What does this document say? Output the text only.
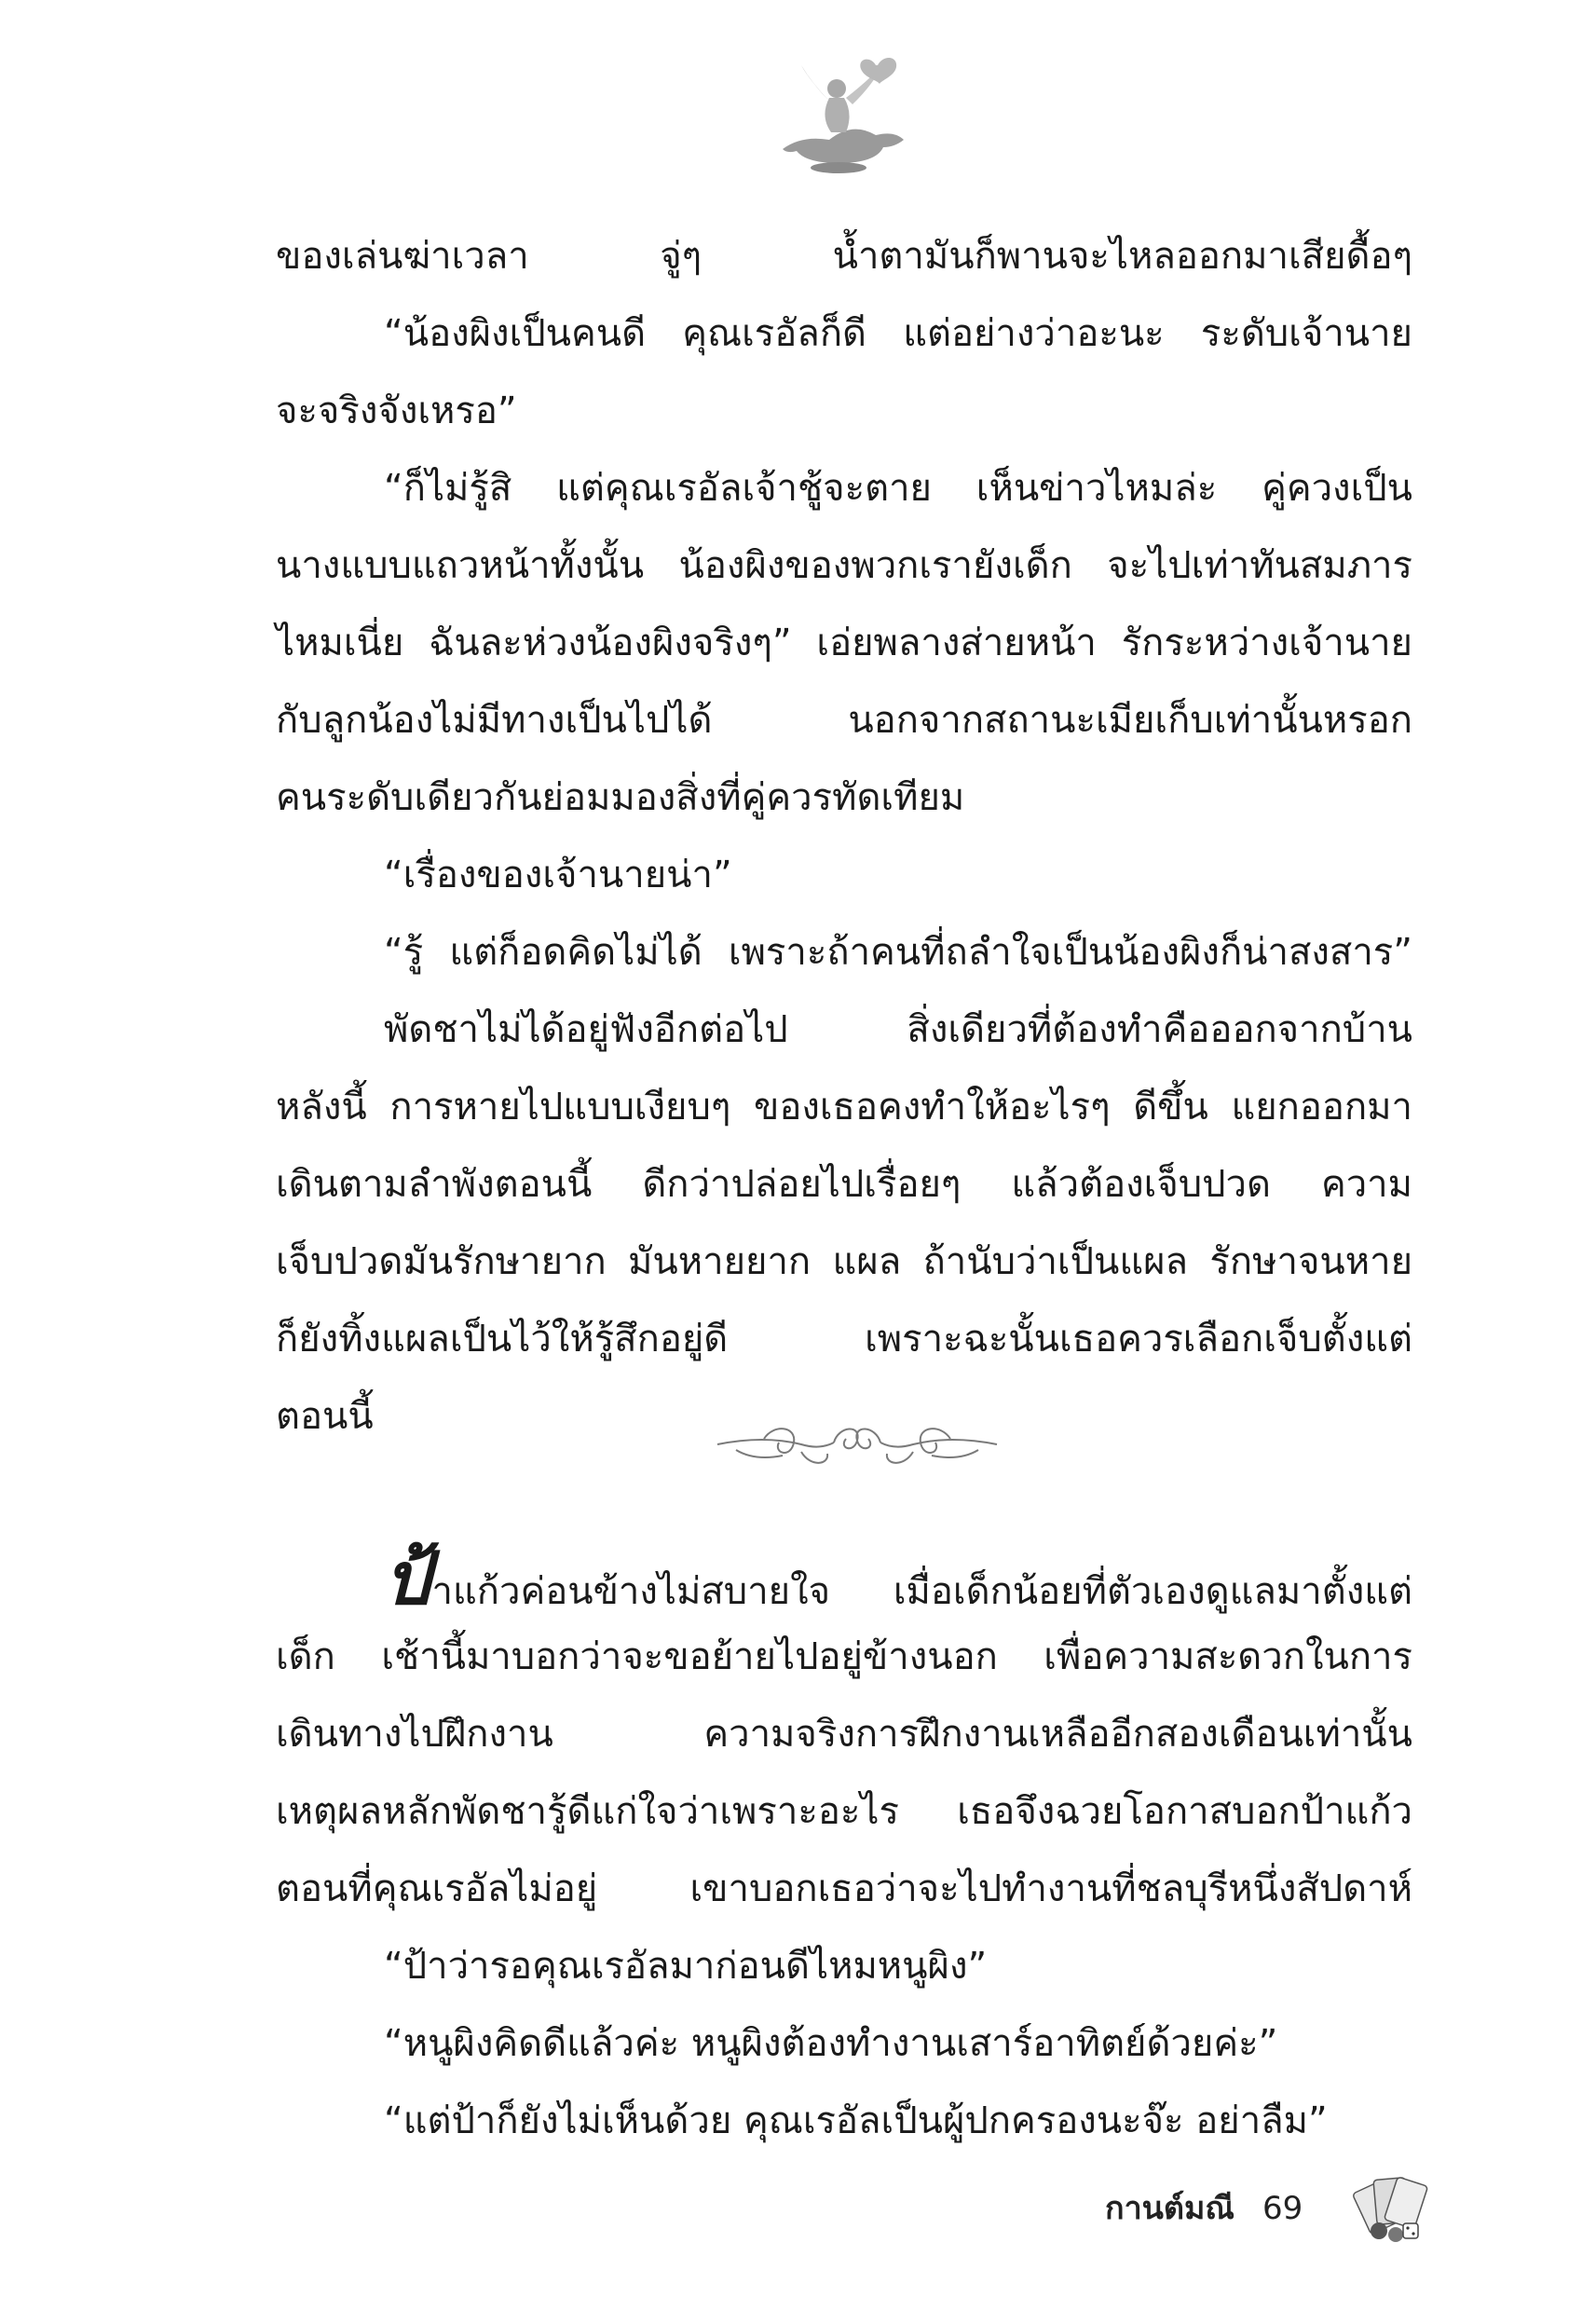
ของเล่นฆ่าเวลา จู่ๆ น้ำตามันก็พานจะไหลออกมาเสียดื้อๆ
“น้องผิงเป็นคนดี คุณเรอัลก็ดี แต่อย่างว่าอะนะ ระดับเจ้านาย
จะจริงจังเหรอ”
“ก็ไม่รู้สิ แต่คุณเรอัลเจ้าชู้จะตาย เห็นข่าวไหมล่ะ คู่ควงเป็น
นางแบบแถวหน้าทั้งนั้น น้องผิงของพวกเรายังเด็ก จะไปเท่าทันสมภาร
ไหมเนี่ย ฉันละห่วงน้องผิงจริงๆ” เอ่ยพลางส่ายหน้า รักระหว่างเจ้านาย
กับลูกน้องไม่มีทางเป็นไปได้ นอกจากสถานะเมียเก็บเท่านั้นหรอก
คนระดับเดียวกันย่อมมองสิ่งที่คู่ควรทัดเทียม
“เรื่องของเจ้านายน่า”
“รู้ แต่ก็อดคิดไม่ได้ เพราะถ้าคนที่ถลำใจเป็นน้องผิงก็น่าสงสาร”
พัดชาไม่ได้อยู่ฟังอีกต่อไป สิ่งเดียวที่ต้องทำคือออกจากบ้าน
หลังนี้ การหายไปแบบเงียบๆ ของเธอคงทำให้อะไรๆ ดีขึ้น แยกออกมา
เดินตามลำพังตอนนี้ ดีกว่าปล่อยไปเรื่อยๆ แล้วต้องเจ็บปวด ความ
เจ็บปวดมันรักษายาก มันหายยาก แผล ถ้านับว่าเป็นแผล รักษาจนหาย
ก็ยังทิ้งแผลเป็นไว้ให้รู้สึกอยู่ดี เพราะฉะนั้นเธอควรเลือกเจ็บตั้งแต่
ตอนนี้
ป้าแก้วค่อนข้างไม่สบายใจ เมื่อเด็กน้อยที่ตัวเองดูแลมาตั้งแต่
เด็ก เช้านี้มาบอกว่าจะขอย้ายไปอยู่ข้างนอก เพื่อความสะดวกในการ
เดินทางไปฝึกงาน ความจริงการฝึกงานเหลืออีกสองเดือนเท่านั้น
เหตุผลหลักพัดชารู้ดีแก่ใจว่าเพราะอะไร เธอจึงฉวยโอกาสบอกป้าแก้ว
ตอนที่คุณเรอัลไม่อยู่ เขาบอกเธอว่าจะไปทำงานที่ชลบุรีหนึ่งสัปดาห์
“ป้าว่ารอคุณเรอัลมาก่อนดีไหมหนูผิง”
“หนูผิงคิดดีแล้วค่ะ หนูผิงต้องทำงานเสาร์อาทิตย์ด้วยค่ะ”
“แต่ป้าก็ยังไม่เห็นด้วย คุณเรอัลเป็นผู้ปกครองนะจ๊ะ อย่าลืม”
กานต์มณี 69
